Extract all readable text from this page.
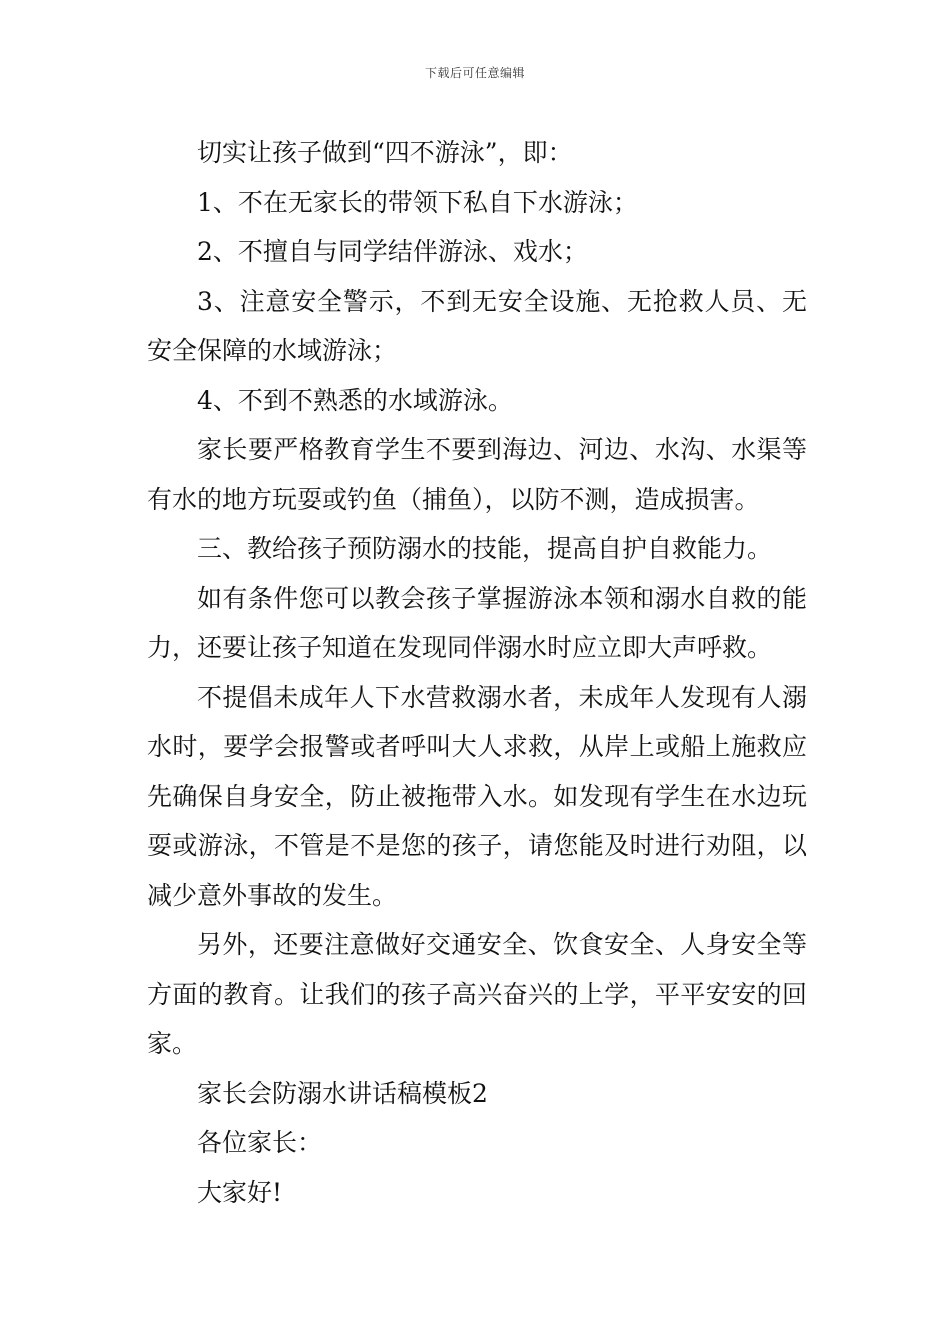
下载后可任意编辑

切实让孩子做到“四不游泳”，即：

1、不在无家长的带领下私自下水游泳；

2、不擅自与同学结伴游泳、戏水；

3、注意安全警示，不到无安全设施、无抢救人员、无安全保障的水域游泳；

4、不到不熟悉的水域游泳。

家长要严格教育学生不要到海边、河边、水沟、水渠等有水的地方玩耍或钓鱼（捕鱼），以防不测，造成损害。

三、教给孩子预防溺水的技能，提高自护自救能力。

如有条件您可以教会孩子掌握游泳本领和溺水自救的能力，还要让孩子知道在发现同伴溺水时应立即大声呼救。

不提倡未成年人下水营救溺水者，未成年人发现有人溺水时，要学会报警或者呼叫大人求救，从岸上或船上施救应先确保自身安全，防止被拖带入水。如发现有学生在水边玩耍或游泳，不管是不是您的孩子，请您能及时进行劝阻，以减少意外事故的发生。

另外，还要注意做好交通安全、饮食安全、人身安全等方面的教育。让我们的孩子高兴奋兴的上学，平平安安的回家。

家长会防溺水讲话稿模板2

各位家长：

大家好!
